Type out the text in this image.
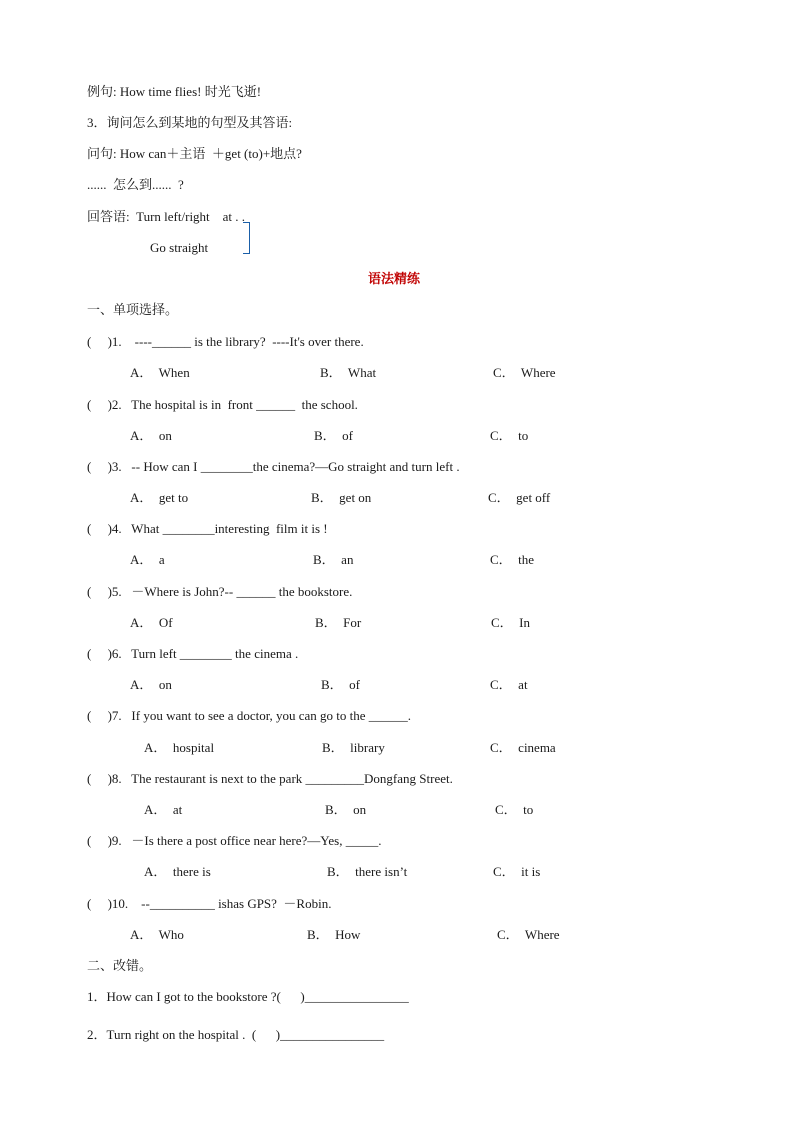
例句: How time flies! 时光飞逝!
3．询问怎么到某地的句型及其答语:
问句: How can＋主语  ＋get (to)+地点?
......  怎么到......  ?
回答语:  Turn left/right    at . .
Go straight
语法精练
一、单项选择。
(     )1.    ----______ is the library?  ----It's over there.
A．  When	B．  What	C．  Where
(     )2.   The hospital is in  front ______  the school.
A．  on	B．  of	C．  to
(     )3.   -- How can I ________the cinema?—Go straight and turn left .
A．  get to	B．  get on	C．  get off
(     )4.   What ________interesting  film it is !
A．  a	B．  an	C．  the
(     )5.   －Where is John?-- ______ the bookstore.
A．  Of	B．  For	C．  In
(     )6.   Turn left ________ the cinema .
A．  on	B．  of	C．  at
(     )7.   If you want to see a doctor, you can go to the ______.
A．  hospital	B．  library	C．  cinema
(     )8.   The restaurant is next to the park _________Dongfang Street.
A．  at	B．  on	C．  to
(     )9.   －Is there a post office near here?—Yes, _____.
A．  there is	B．  there isn’t	C．  it is
(     )10.    --__________ ishas GPS?  －Robin.
A．  Who	B．  How	C．  Where
二、改错。
1．How can I got to the bookstore ?(      )________________
2．Turn right on the hospital .  (      )________________
